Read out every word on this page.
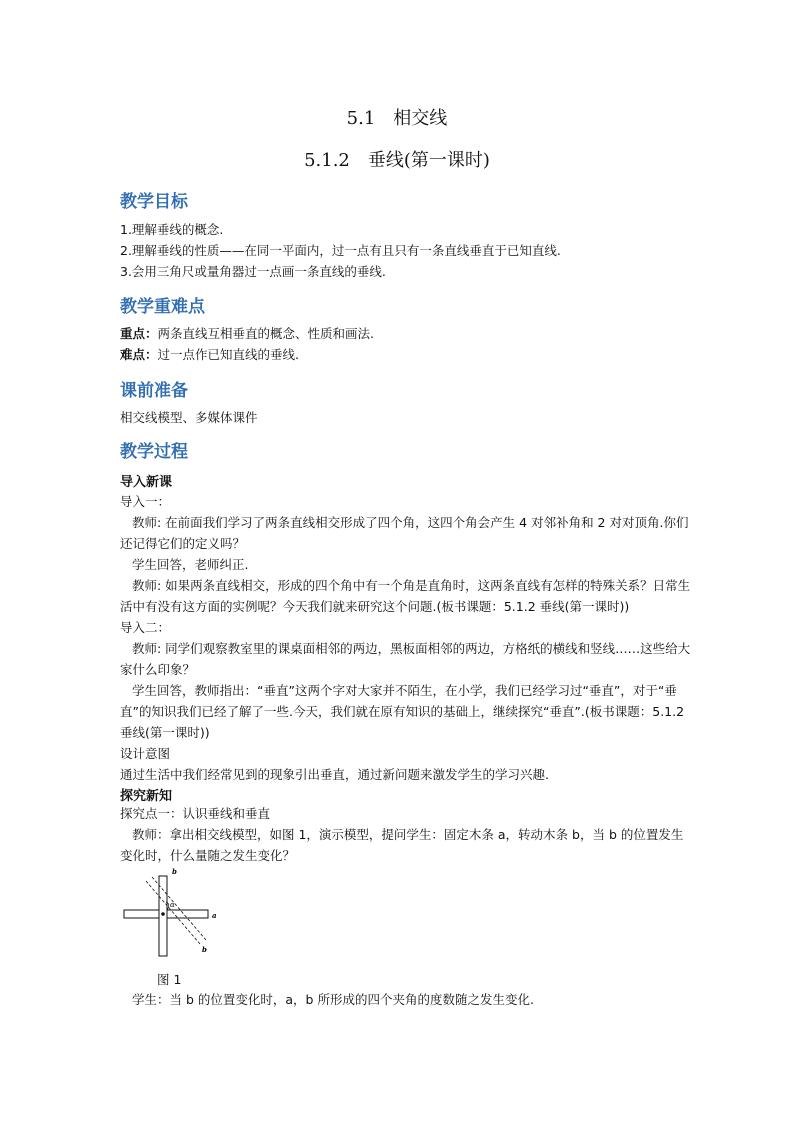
5.1　相交线
5.1.2　垂线(第一课时)
教学目标
1.理解垂线的概念.
2.理解垂线的性质——在同一平面内，过一点有且只有一条直线垂直于已知直线.
3.会用三角尺或量角器过一点画一条直线的垂线.
教学重难点
重点：两条直线互相垂直的概念、性质和画法.
难点：过一点作已知直线的垂线.
课前准备
相交线模型、多媒体课件
教学过程
导入新课
导入一：
教师: 在前面我们学习了两条直线相交形成了四个角，这四个角会产生 4 对邻补角和 2 对对顶角.你们还记得它们的定义吗？
学生回答，老师纠正.
教师: 如果两条直线相交，形成的四个角中有一个角是直角时，这两条直线有怎样的特殊关系？日常生活中有没有这方面的实例呢？今天我们就来研究这个问题.(板书课题：5.1.2 垂线(第一课时))
导入二：
教师: 同学们观察教室里的课桌面相邻的两边，黑板面相邻的两边，方格纸的横线和竖线……这些给大家什么印象？
学生回答，教师指出：“垂直”这两个字对大家并不陌生，在小学，我们已经学习过“垂直”，对于“垂直”的知识我们已经了解了一些.今天，我们就在原有知识的基础上，继续探究“垂直”.(板书课题：5.1.2 垂线(第一课时))
设计意图
通过生活中我们经常见到的现象引出垂直，通过新问题来激发学生的学习兴趣.
探究新知
探究点一：认识垂线和垂直
教师：拿出相交线模型，如图 1，演示模型，提问学生：固定木条 a，转动木条 b，当 b 的位置发生变化时，什么量随之发生变化？
b
a
b
α
图 1
学生：当 b 的位置变化时，a，b 所形成的四个夹角的度数随之发生变化.
